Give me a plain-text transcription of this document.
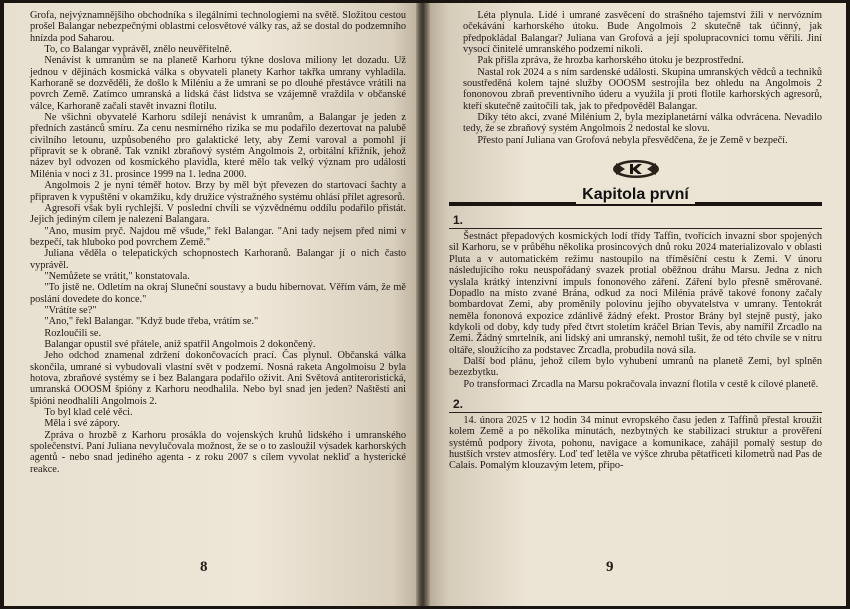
Grofa, nejvýznamnějšího obchodníka s ilegálními technologiemi na světě. Složitou cestou prošel Balangar nebezpečnými oblastmi celosvětové války ras, až se dostal do podzemního hnízda pod Saharou.

To, co Balangar vyprávěl, znělo neuvěřitelně.

Nenávist k umranům se na planetě Karhoru týkne doslova miliony let dozadu. Už jednou v dějinách kosmická válka s obyvateli planety Karhor takřka umrany vyhladila. Karhoraně se dozvěděli, že došlo k Miléniu a že umrani se po dlouhé přestávce vrátili na povrch Země. Zatímco umranská a lidská část lidstva se vzájemně vraždila v občanské válce, Karhoraně začali stavět invazní flotilu.

Ne všichni obyvatelé Karhoru sdílejí nenávist k umranům, a Balangar je jeden z předních zastánců smíru. Za cenu nesmírného rizika se mu podařilo dezertovat na palubě civilního letounu, uzpůsobeného pro galaktické lety, aby Zemi varoval a pomohl jí připravit se k obraně. Tak vznikl zbraňový systém Angolmois 2, orbitální křižník, jehož název byl odvozen od kosmického plavidla, které mělo tak velký význam pro události Milénia v noci z 31. prosince 1999 na 1. ledna 2000.

Angolmois 2 je nyní téměř hotov. Brzy by měl být převezen do startovací šachty a připraven k vypuštění v okamžiku, kdy družice výstražného systému ohlásí přílet agresorů.

Agresoři však byli rychlejší. V poslední chvíli se výzvědnému oddílu podařilo přistát. Jejich jediným cílem je nalezení Balangara.

"Ano, musím pryč. Najdou mě všude," řekl Balangar. "Ani tady nejsem před nimi v bezpečí, tak hluboko pod povrchem Země."

Juliana věděla o telepatických schopnostech Karhoranů. Balangar jí o nich často vyprávěl.

"Nemůžete se vrátit," konstatovala.

"To jistě ne. Odletím na okraj Sluneční soustavy a budu hibernovat. Věřím vám, že mě poslání dovedete do konce."

"Vrátíte se?"

"Ano," řekl Balangar. "Když bude třeba, vrátím se."

Rozloučili se.

Balangar opustil své přátele, aniž spatřil Angolmois 2 dokončený.

Jeho odchod znamenal zdržení dokončovacích prací. Čas plynul. Občanská válka skončila, umrané si vybudovali vlastní svět v podzemí. Nosná raketa Angolmoisu 2 byla hotova, zbraňové systémy se i bez Balangara podařilo oživit. Ani Světová antiteroristická, umranská OOOSM špióny z Karhoru neodhalila. Nebo byl snad jen jeden? Naštěstí ani špióni neodhalili Angolmois 2.

To byl klad celé věci.

Měla i své zápory.

Zpráva o hrozbě z Karhoru prosákla do vojenských kruhů lidského i umranského společenství. Paní Juliana nevylučovala možnost, že se o to zasloužil výsadek karhorských agentů - nebo snad jediného agenta - z roku 2007 s cílem vyvolat nekliď a hysterické reakce.

8

Léta plynula. Lidé i umrané zasvěcení do strašného tajemství žili v nervózním očekávání karhorského útoku. Bude Angolmois 2 skutečně tak účinný, jak předpokládal Balangar? Juliana van Grofová a její spolupracovníci tomu věřili. Jiní vysocí činitelé umranského podzemí nikoli.

Pak přišla zpráva, že hrozba karhorského útoku je bezprostřední.

Nastal rok 2024 a s ním sardenské události. Skupina umranských vědců a techniků soustředěná kolem tajné služby OOOSM sestrojila bez ohledu na Angolmois 2 fononovou zbraň preventivního úderu a využila jí proti flotile karhorských agresorů, kteří skutečně zaútočili tak, jak to předpověděl Balangar.

Díky této akci, zvané Milénium 2, byla meziplanetární válka odvrácena. Nevadilo tedy, že se zbraňový systém Angolmois 2 nedostal ke slovu.

Přesto paní Juliana van Grofová nebyla přesvědčena, že je Země v bezpečí.

Kapitola první
1.

Šestnáct přepadových kosmických lodí třídy Taffin, tvořících invazní sbor spojených sil Karhoru, se v průběhu několika prosincových dnů roku 2024 materializovalo v oblasti Pluta a v automatickém režimu nastoupilo na tříměsíční cestu k Zemi. V únoru následujícího roku neuspořádaný svazek protial oběžnou dráhu Marsu. Jedna z nich vyslala krátký intenzivní impuls fononového záření. Záření bylo přesně směrované. Dopadlo na místo zvané Brána, odkud za noci Milénia právě takové fonony začaly bombardovat Zemi, aby proměnily polovinu jejího obyvatelstva v umrany. Tentokrát neměla fononová expozice zdánlivě žádný efekt. Prostor Brány byl stejně pustý, jako kdykoli od doby, kdy tudy před čtvrt stoletím kráčel Brian Tevis, aby namířil Zrcadlo na Zemi. Žádný smrtelník, ani lidský ani umranský, nemohl tušit, že od této chvíle se v nitru oltáře, sloužícího za podstavec Zrcadla, probudila nová síla.

Další bod plánu, jehož cílem bylo vyhubení umranů na planetě Zemi, byl splněn bezezbytku.

Po transformaci Zrcadla na Marsu pokračovala invazní flotila v cestě k cílové planetě.

2.

14. února 2025 v 12 hodin 34 minut evropského času jeden z Taffinů přestal kroužit kolem Země a po několika minutách, nezbytných ke stabilizaci struktur a prověření systémů podpory života, pohonu, navigace a komunikace, zahájil pomalý sestup do hustších vrstev atmosféry. Loď teď letěla ve výšce zhruba pětatřiceti kilometrů nad Pas de Calais. Pomalým klouzavým letem, připo-

9
